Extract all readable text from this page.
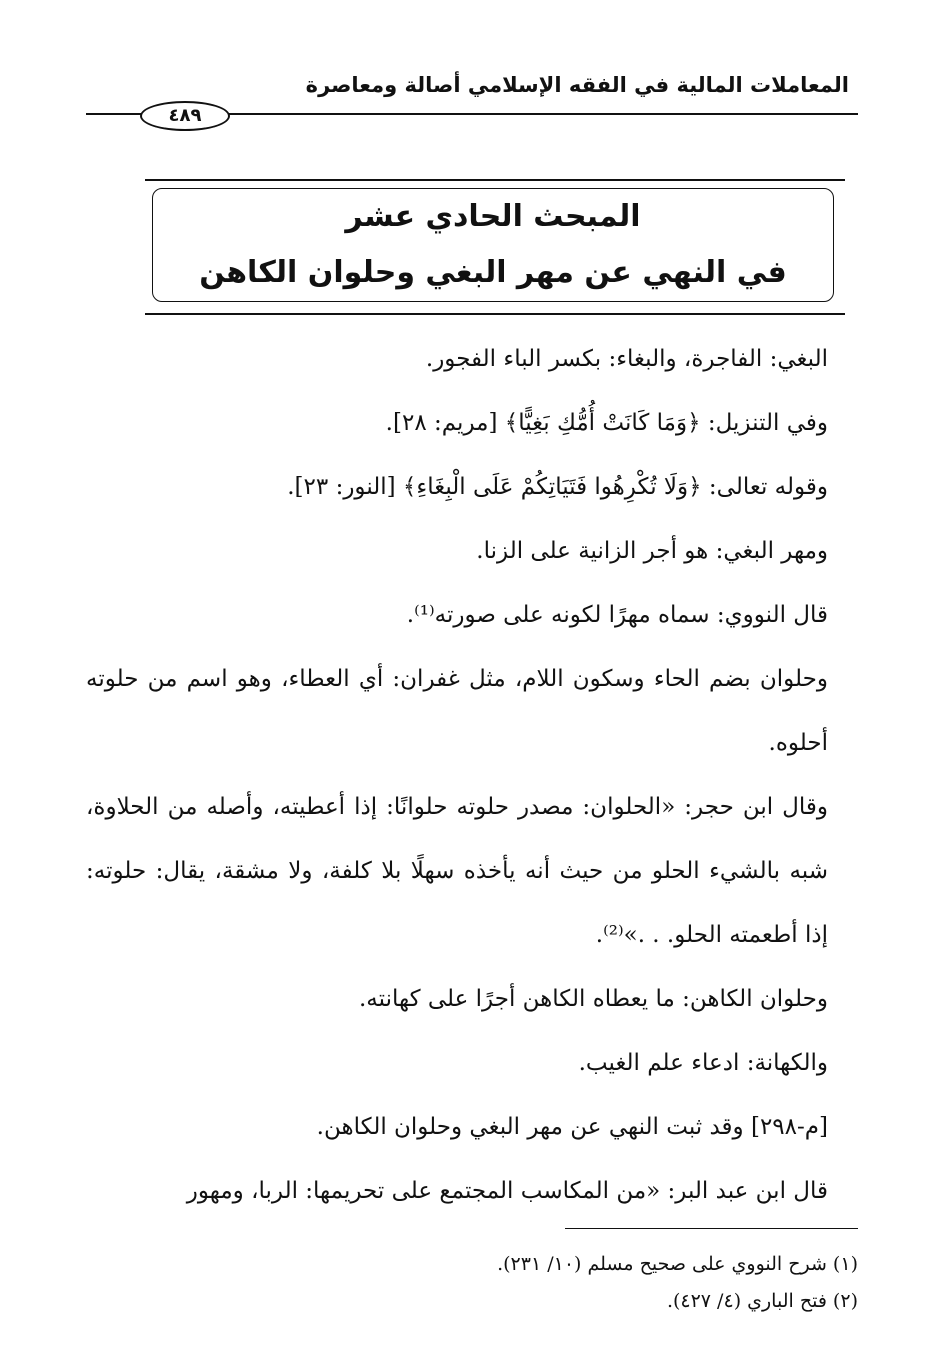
المعاملات المالية في الفقه الإسلامي أصالة ومعاصرة
٤٨٩
المبحث الحادي عشر
في النهي عن مهر البغي وحلوان الكاهن

البغي: الفاجرة، والبغاء: بكسر الباء الفجور.

وفي التنزيل: ﴿وَمَا كَانَتْ أُمُّكِ بَغِيًّا﴾ [مريم: ٢٨].

وقوله تعالى: ﴿وَلَا تُكْرِهُوا فَتَيَاتِكُمْ عَلَى الْبِغَاءِ﴾ [النور: ٢٣].

ومهر البغي: هو أجر الزانية على الزنا.

قال النووي: سماه مهرًا لكونه على صورته⁽¹⁾.

وحلوان بضم الحاء وسكون اللام، مثل غفران: أي العطاء، وهو اسم من حلوته أحلوه.

وقال ابن حجر: «الحلوان: مصدر حلوته حلوانًا: إذا أعطيته، وأصله من الحلاوة، شبه بالشيء الحلو من حيث أنه يأخذه سهلًا بلا كلفة، ولا مشقة، يقال: حلوته: إذا أطعمته الحلو. . .»⁽²⁾.

وحلوان الكاهن: ما يعطاه الكاهن أجرًا على كهانته.

والكهانة: ادعاء علم الغيب.

[م-٢٩٨] وقد ثبت النهي عن مهر البغي وحلوان الكاهن.

قال ابن عبد البر: «من المكاسب المجتمع على تحريمها: الربا، ومهور

(١) شرح النووي على صحيح مسلم (١٠/ ٢٣١).

(٢) فتح الباري (٤/ ٤٢٧).
